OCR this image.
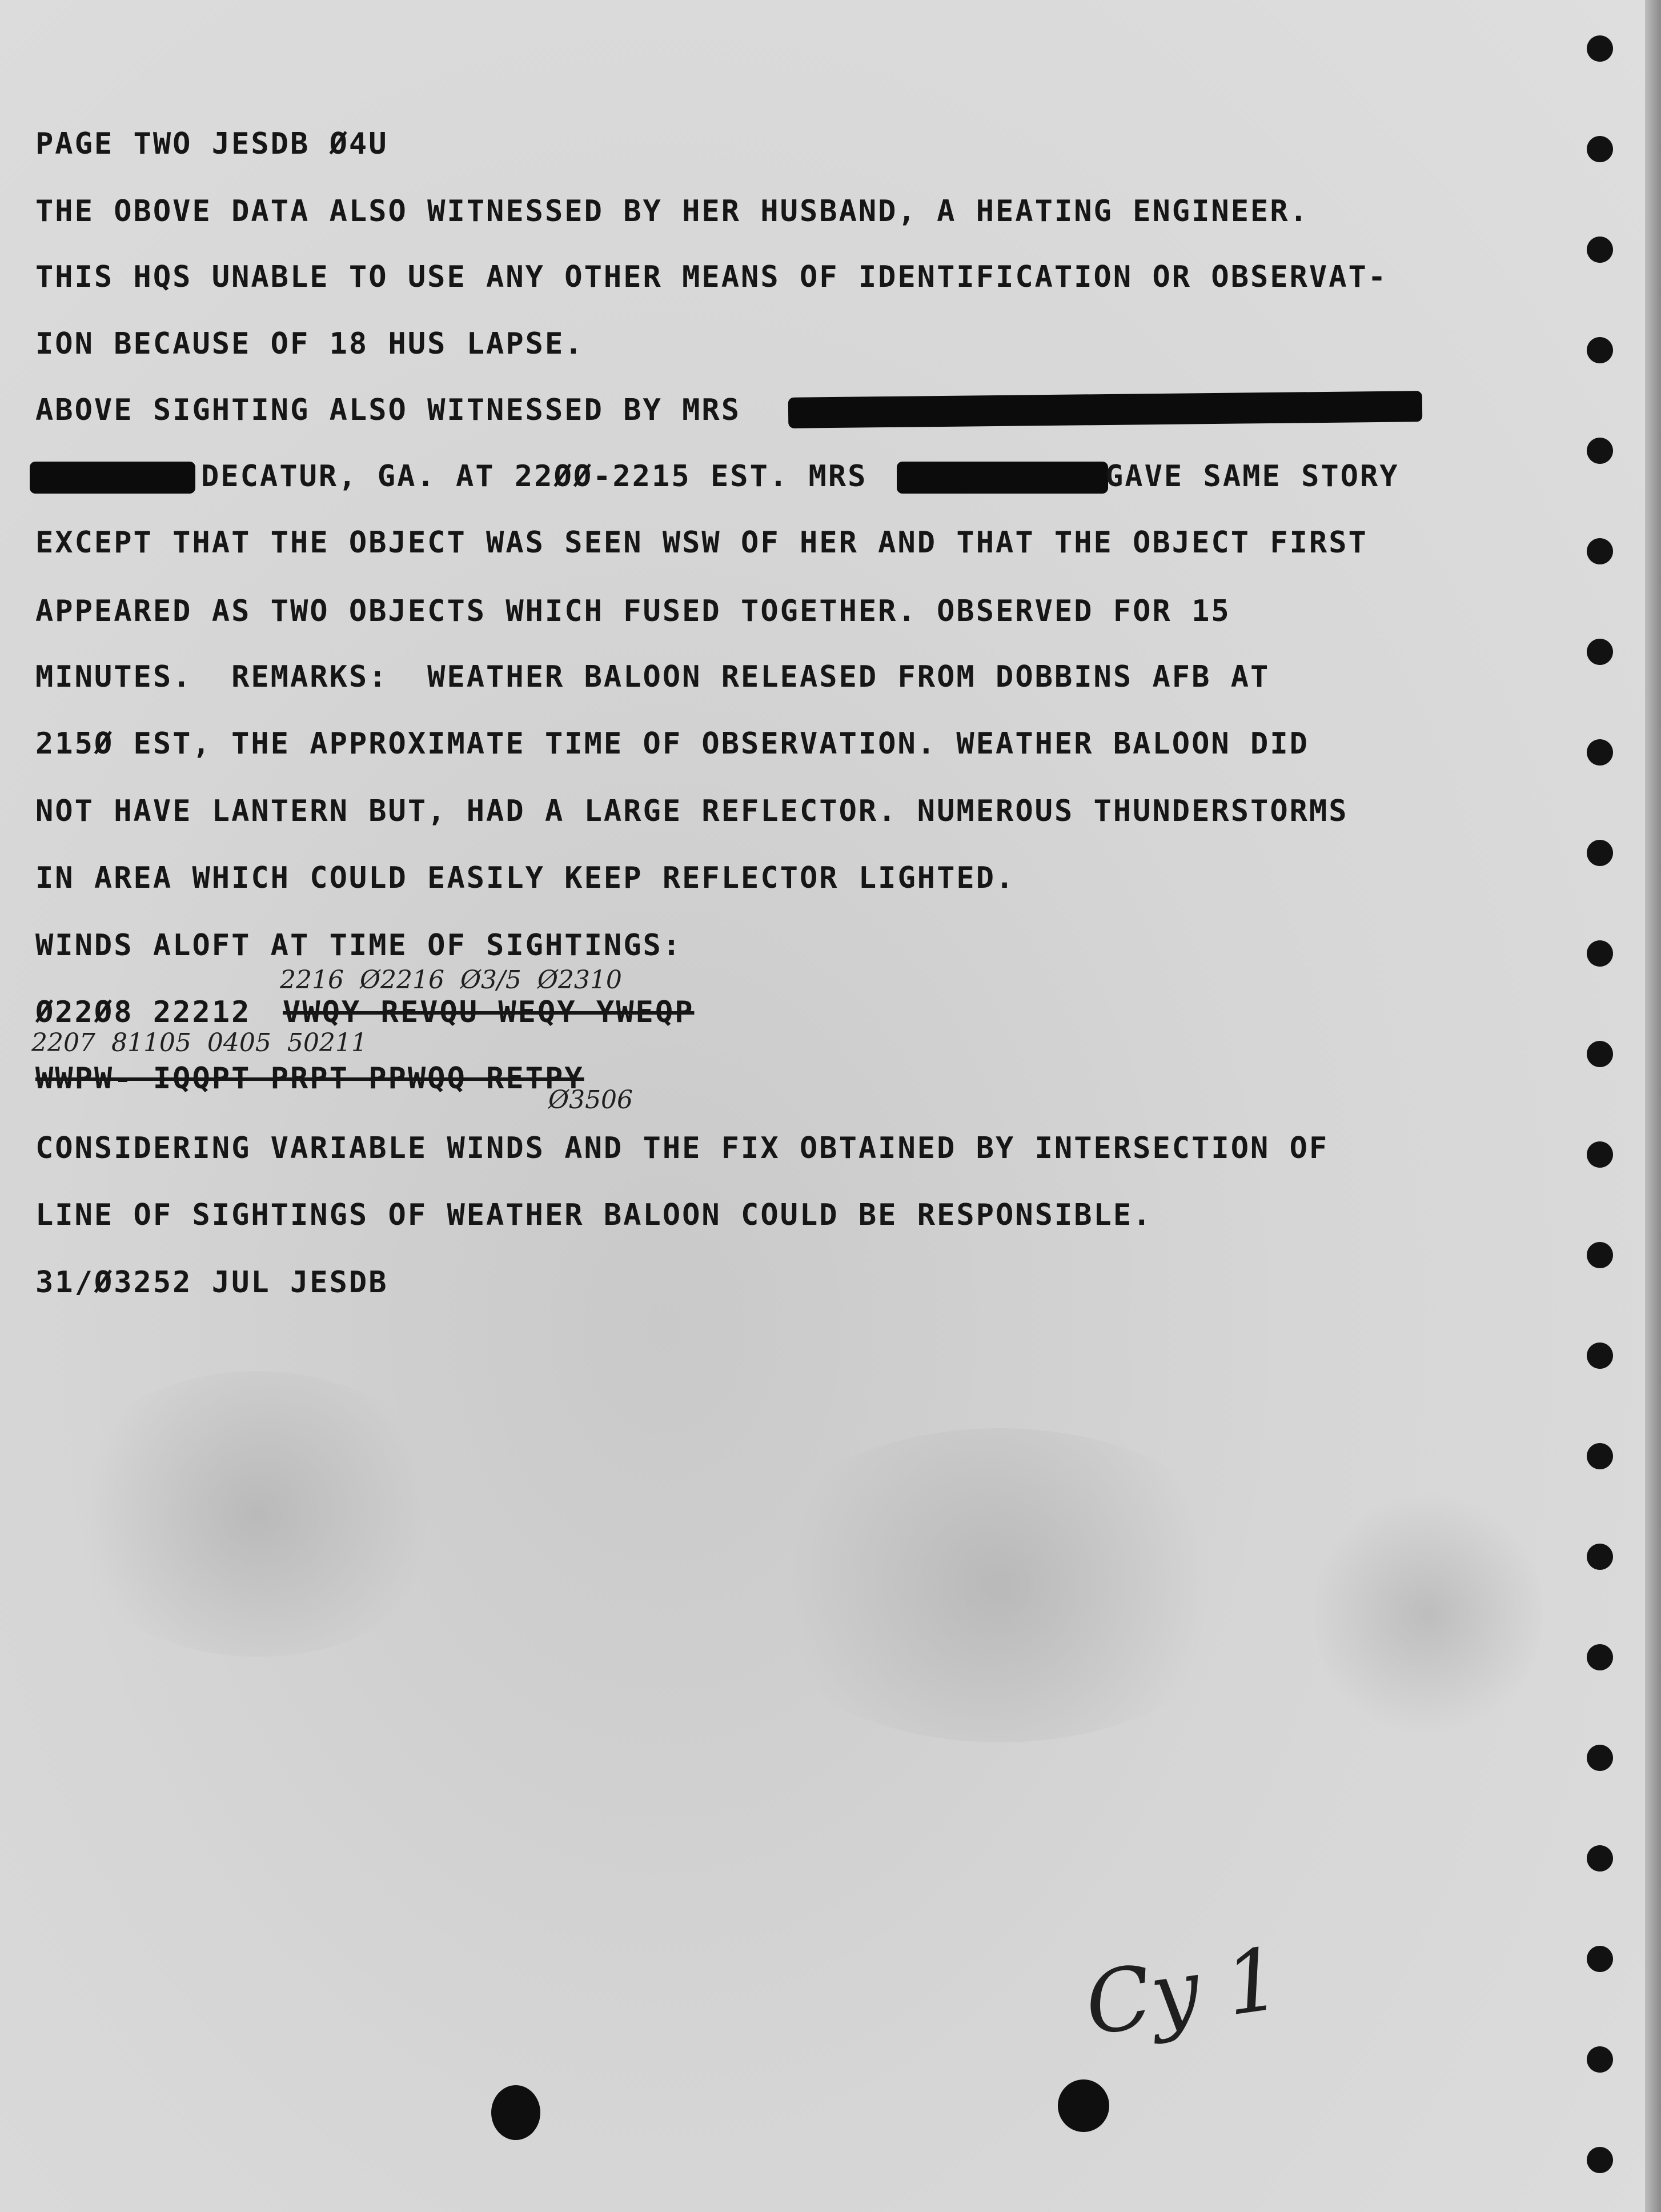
PAGE TWO JESDB Ø4U
THE OBOVE DATA ALSO WITNESSED BY HER HUSBAND, A HEATING ENGINEER.
THIS HQS UNABLE TO USE ANY OTHER MEANS OF IDENTIFICATION OR OBSERVAT-
ION BECAUSE OF 18 HUS LAPSE.
ABOVE SIGHTING ALSO WITNESSED BY MRS
DECATUR, GA. AT 22ØØ-2215 EST. MRS	GAVE SAME STORY
EXCEPT THAT THE OBJECT WAS SEEN WSW OF HER AND THAT THE OBJECT FIRST
APPEARED AS TWO OBJECTS WHICH FUSED TOGETHER. OBSERVED FOR 15
MINUTES.  REMARKS:  WEATHER BALOON RELEASED FROM DOBBINS AFB AT
215Ø EST, THE APPROXIMATE TIME OF OBSERVATION. WEATHER BALOON DID
NOT HAVE LANTERN BUT, HAD A LARGE REFLECTOR. NUMEROUS THUNDERSTORMS
IN AREA WHICH COULD EASILY KEEP REFLECTOR LIGHTED.
WINDS ALOFT AT TIME OF SIGHTINGS:
2216  Ø2216  Ø3/5  Ø2310
Ø22Ø8 22212 VWQY REVQU WEQY YWEQP
2207  81105  0405  50211
WWPW- IQQPT PRPT PPWQQ RETPY
Ø3506
CONSIDERING VARIABLE WINDS AND THE FIX OBTAINED BY INTERSECTION OF
LINE OF SIGHTINGS OF WEATHER BALOON COULD BE RESPONSIBLE.
31/Ø3252 JUL JESDB
Cy 1
